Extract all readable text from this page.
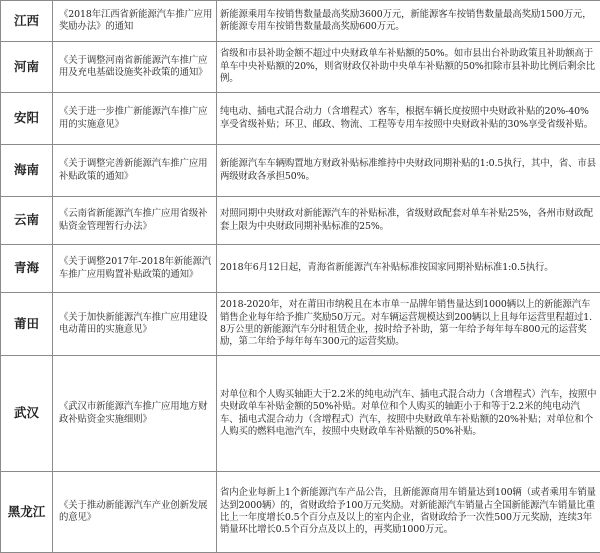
江西	《2018年江西省新能源汽车推广应用奖励办法》的通知	新能源乘用车按销售数量最高奖励3600万元，新能源客车按销售数量最高奖励1500万元，新能源专用车按销售数量最高奖励600万元。

河南	《关于调整河南省新能源汽车推广应用及充电基础设施奖补政策的通知》	省级和市县补助金额不超过中央财政单车补贴额的50%。如市县出台补助政策且补助额高于单车中央补贴额的20%，则省财政仅补助中央单车补贴额的50%扣除市县补助比例后剩余比例。

安阳	《关于进一步推广新能源汽车推广应用的实施意见》	纯电动、插电式混合动力（含增程式）客车，根据车辆长度按照中央财政补贴的20%-40%享受省级补贴；环卫、邮政、物流、工程等专用车按照中央财政补贴的30%享受省级补贴。

海南	《关于调整完善新能源汽车推广应用补贴政策的通知》	新能源汽车车辆购置地方财政补贴标准维持中央财政同期补贴的1:0.5执行，其中，省、市县两级财政各承担50%。

云南	《云南省新能源汽车推广应用省级补贴资金管理暂行办法》	对照同期中央财政对新能源汽车的补贴标准，省级财政配套对单车补贴25%，各州市财政配套上限为中央财政同期补贴标准的25%。

青海	《关于调整2017年-2018年新能源汽车推广应用购置补贴政策的通知》	2018年6月12日起，青海省新能源汽车补贴标准按国家同期补贴标准1:0.5执行。

莆田	《关于加快新能源汽车推广应用建设电动莆田的实施意见》	2018-2020年，对在莆田市纳税且在本市单一品牌年销售量达到1000辆以上的新能源汽车销售企业每年给予推广奖励50万元。对车辆运营规模达到200辆以上且每年运营里程超过1.8万公里的新能源汽车分时租赁企业，按时给予补助，第一年给予每年每车800元的运营奖励，第二年给予每年每车300元的运营奖励。

武汉	《武汉市新能源汽车推广应用地方财政补贴资金实施细则》	对单位和个人购买轴距大于2.2米的纯电动汽车、插电式混合动力（含增程式）汽车，按照中央财政单车补贴金额的50%补贴。对单位和个人购买的轴距小于和等于2.2米的纯电动汽车、插电式混合动力（含增程式）汽车，按照中央财政单车补贴额的20%补贴；对单位和个人购买的燃料电池汽车，按照中央财政单车补贴额的50%补贴。

黑龙江	《关于推动新能源汽车产业创新发展的意见》	省内企业每新上1个新能源汽车产品公告，且新能源商用车销量达到100辆（或者乘用车销量达到2000辆）的，省财政给予100万元奖励。对新能源汽车销量占全国新能源汽车销量比重比上一年度增长0.5个百分点及以上的室内企业，省财政给予一次性500万元奖励，连续3年销量环比增长0.5个百分点及以上的，再奖励1000万元。
